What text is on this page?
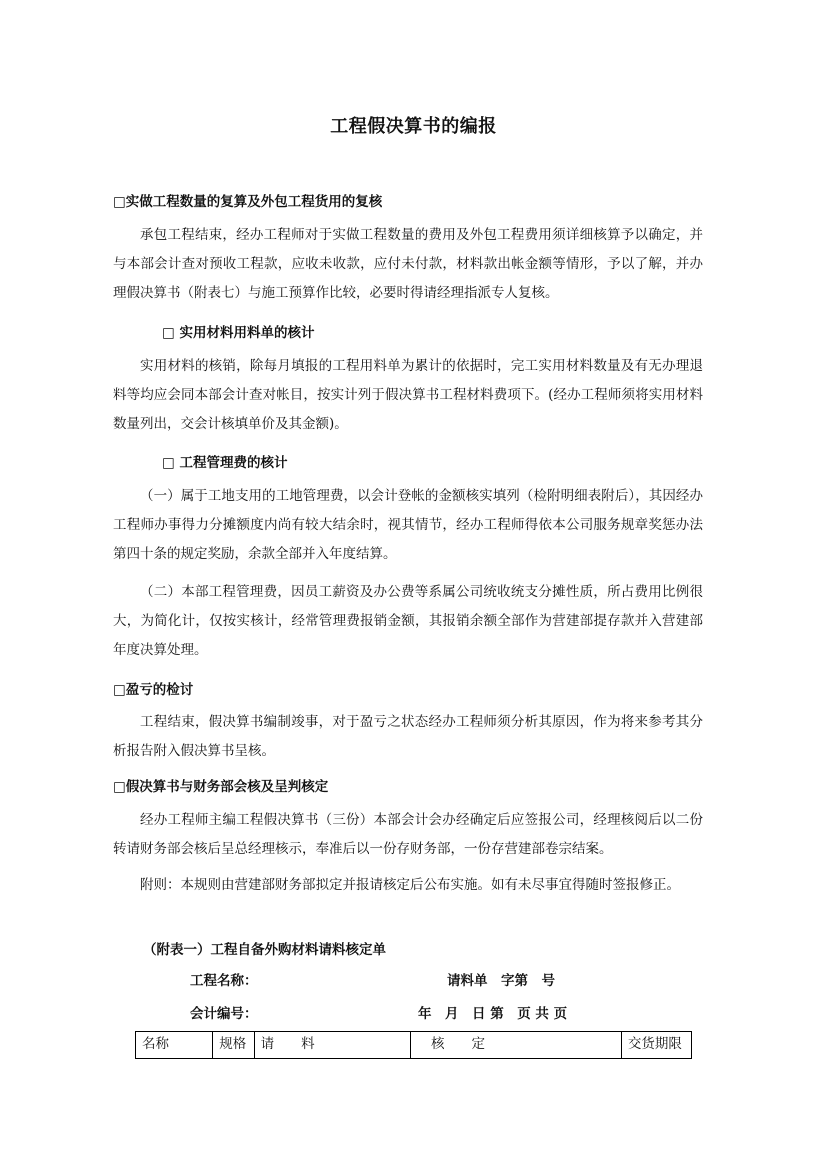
工程假决算书的编报
□实做工程数量的复算及外包工程货用的复核
承包工程结束，经办工程师对于实做工程数量的费用及外包工程费用须详细核算予以确定，并与本部会计查对预收工程款，应收未收款，应付未付款，材料款出帐金额等情形，予以了解，并办理假决算书（附表七）与施工预算作比较，必要时得请经理指派专人复核。
□ 实用材料用料单的核计
实用材料的核销，除每月填报的工程用料单为累计的依据时，完工实用材料数量及有无办理退料等均应会同本部会计查对帐目，按实计列于假决算书工程材料费项下。(经办工程师须将实用材料数量列出，交会计核填单价及其金额)。
□ 工程管理费的核计
（一）属于工地支用的工地管理费，以会计登帐的金额核实填列（检附明细表附后），其因经办工程师办事得力分摊额度内尚有较大结余时，视其情节，经办工程师得依本公司服务规章奖惩办法第四十条的规定奖励，余款全部并入年度结算。
（二）本部工程管理费，因员工薪资及办公费等系属公司统收统支分摊性质，所占费用比例很大，为简化计，仅按实核计，经常管理费报销金额，其报销余额全部作为营建部提存款并入营建部年度决算处理。
□盈亏的检讨
工程结束，假决算书编制竣事，对于盈亏之状态经办工程师须分析其原因，作为将来参考其分析报告附入假决算书呈核。
□假决算书与财务部会核及呈判核定
经办工程师主编工程假决算书（三份）本部会计会办经确定后应签报公司，经理核阅后以二份转请财务部会核后呈总经理核示，奉准后以一份存财务部，一份存营建部卷宗结案。
附则：本规则由营建部财务部拟定并报请核定后公布实施。如有未尽事宜得随时签报修正。
（附表一）工程自备外购材料请料核定单
工程名称：	请料单　字第　号
会计编号：	年　月　日 第　页 共 页
名称	规格	请　　料	核　　定	交货期限
